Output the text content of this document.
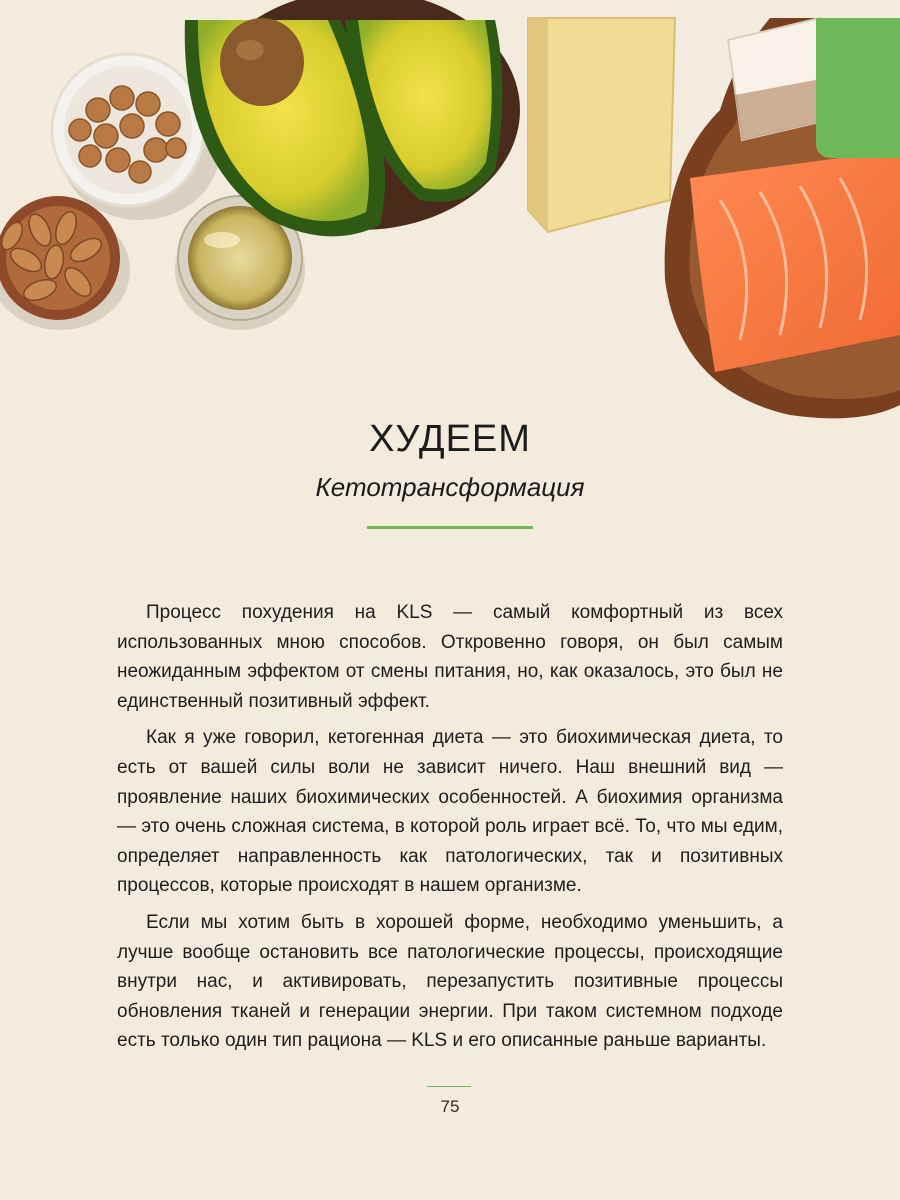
ХУДЕЕМ
Кетотрансформация

Процесс похудения на KLS — самый комфортный из всех использованных мною способов. Откровенно говоря, он был самым неожиданным эффектом от смены питания, но, как оказалось, это был не единственный позитивный эффект.

Как я уже говорил, кетогенная диета — это биохимическая диета, то есть от вашей силы воли не зависит ничего. Наш внешний вид — проявление наших биохимических особенностей. А биохимия организма — это очень сложная система, в которой роль играет всё. То, что мы едим, определяет направленность как патологических, так и позитивных процессов, которые происходят в нашем организме.

Если мы хотим быть в хорошей форме, необходимо уменьшить, а лучше вообще остановить все патологические процессы, происходящие внутри нас, и активировать, перезапустить позитивные процессы обновления тканей и генерации энергии. При таком системном подходе есть только один тип рациона — KLS и его описанные раньше варианты.

75
